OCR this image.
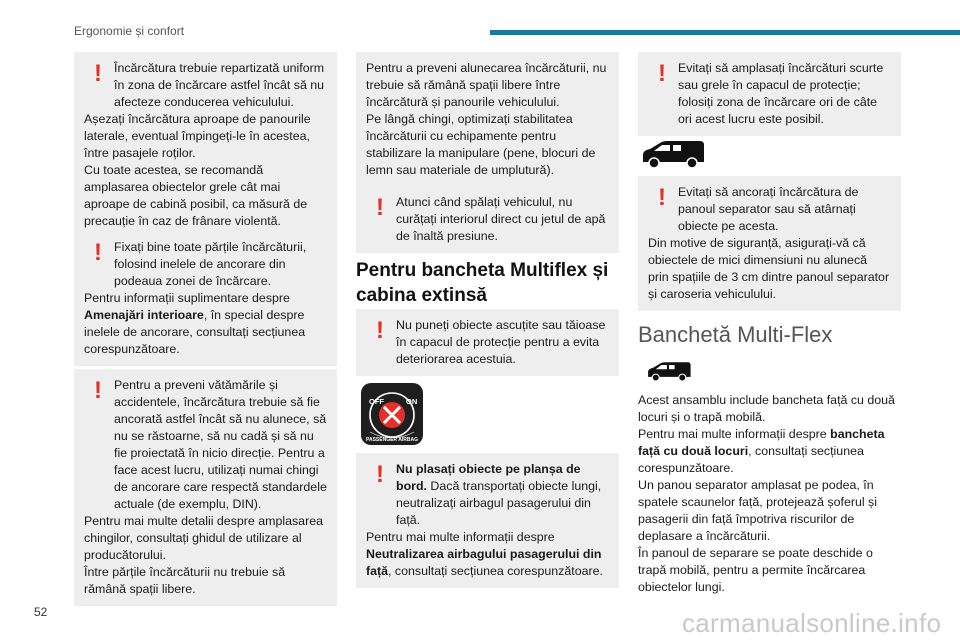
Ergonomie și confort

! Încărcătura trebuie repartizată uniform în zona de încărcare astfel încât să nu afecteze conducerea vehiculului.

Așezați încărcătura aproape de panourile laterale, eventual împingeți-le în acestea, între pasajele roților.

Cu toate acestea, se recomandă amplasarea obiectelor grele cât mai aproape de cabină posibil, ca măsură de precauție în caz de frânare violentă.

! Fixați bine toate părțile încărcăturii, folosind inelele de ancorare din podeaua zonei de încărcare.

Pentru informații suplimentare despre Amenajări interioare, în special despre inelele de ancorare, consultați secțiunea corespunzătoare.

! Pentru a preveni vătămările și accidentele, încărcătura trebuie să fie ancorată astfel încât să nu alunece, să nu se răstoarne, să nu cadă și să nu fie proiectată în nicio direcție. Pentru a face acest lucru, utilizați numai chingi de ancorare care respectă standardele actuale (de exemplu, DIN).

Pentru mai multe detalii despre amplasarea chingilor, consultați ghidul de utilizare al producătorului.

Între părțile încărcăturii nu trebuie să rămână spații libere.

Pentru a preveni alunecarea încărcăturii, nu trebuie să rămână spații libere între încărcătură și panourile vehiculului.

Pe lângă chingi, optimizați stabilitatea încărcăturii cu echipamente pentru stabilizare la manipulare (pene, blocuri de lemn sau materiale de umplutură).

! Atunci când spălați vehiculul, nu curățați interiorul direct cu jetul de apă de înaltă presiune.

Pentru bancheta Multiflex și cabina extinsă

! Nu puneți obiecte ascuțite sau tăioase în capacul de protecție pentru a evita deteriorarea acestuia.

OFF	ON
PASSENGER AIRBAG

! Nu plasați obiecte pe planșa de bord. Dacă transportați obiecte lungi, neutralizați airbagul pasagerului din față.

Pentru mai multe informații despre Neutralizarea airbagului pasagerului din față, consultați secțiunea corespunzătoare.

! Evitați să amplasați încărcături scurte sau grele în capacul de protecție; folosiți zona de încărcare ori de câte ori acest lucru este posibil.

! Evitați să ancorați încărcătura de panoul separator sau să atârnați obiecte pe acesta.

Din motive de siguranță, asigurați-vă că obiectele de mici dimensiuni nu alunecă prin spațiile de 3 cm dintre panoul separator și caroseria vehiculului.

Banchetă Multi-Flex

Acest ansamblu include bancheta față cu două locuri și o trapă mobilă.

Pentru mai multe informații despre bancheta față cu două locuri, consultați secțiunea corespunzătoare.

Un panou separator amplasat pe podea, în spatele scaunelor față, protejează șoferul și pasagerii din față împotriva riscurilor de deplasare a încărcăturii.

În panoul de separare se poate deschide o trapă mobilă, pentru a permite încărcarea obiectelor lungi.

52	carmanualsonline.info
